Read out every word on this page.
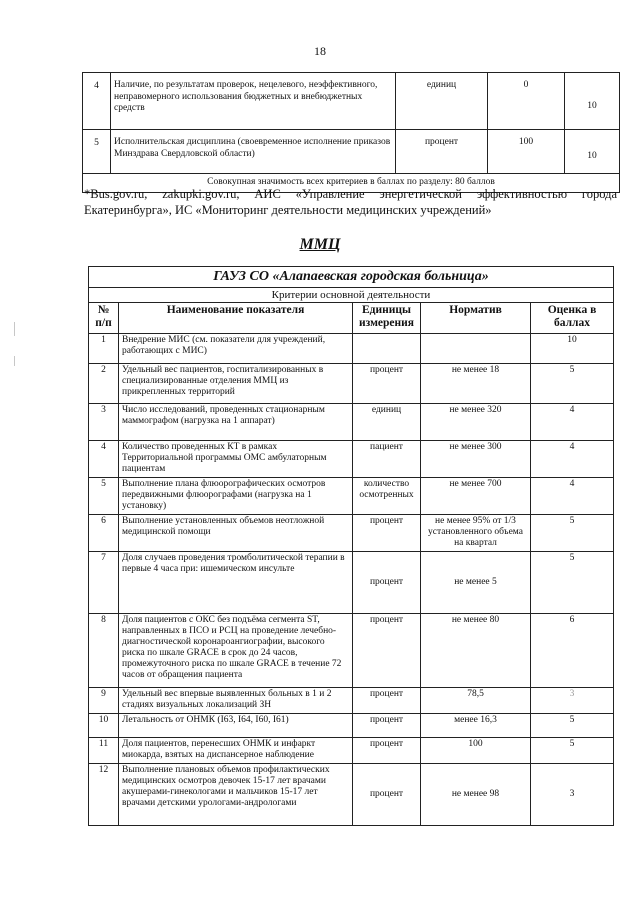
18
4	Наличие, по результатам проверок, нецелевого, неэффективного, неправомерного использования бюджетных и внебюджетных средств	единиц	0	10
5	Исполнительская дисциплина (своевременное исполнение приказов Минздрава Свердловской области)	процент	100	10
Совокупная значимость всех критериев в баллах по разделу: 80 баллов				
*Bus.gov.ru, zakupki.gov.ru, АИС «Управление энергетической эффективностью города
Екатеринбурга», ИС «Мониторинг деятельности медицинских учреждений»
ММЦ
ГАУЗ СО «Алапаевская городская больница»				
Критерии основной деятельности				
№ п/п	Наименование показателя	Единицы измерения	Норматив	Оценка в баллах
1	Внедрение МИС (см. показатели для учреждений, работающих с МИС)			10
2	Удельный вес пациентов, госпитализированных в специализированные отделения ММЦ из прикрепленных территорий	процент	не менее 18	5
3	Число исследований, проведенных стационарным маммографом (нагрузка на 1 аппарат)	единиц	не менее 320	4
4	Количество проведенных КТ в рамках Территориальной программы ОМС амбулаторным пациентам	пациент	не менее 300	4
5	Выполнение плана флюорографических осмотров передвижными флюорографами (нагрузка на 1 установку)	количество осмотренных	не менее 700	4
6	Выполнение установленных объемов неотложной медицинской помощи	процент	не менее 95% от 1/3 установленного объема на квартал	5
7	Доля случаев проведения тромболитической терапии в первые 4 часа при: ишемическом инсульте	процент	не менее 5	5
8	Доля пациентов с ОКС без подъёма сегмента ST, направленных в ПСО и РСЦ на проведение лечебно-диагностической коронароангиографии, высокого риска по шкале GRACE в срок до 24 часов, промежуточного риска по шкале GRACE в течение 72 часов от обращения пациента	процент	не менее 80	6
9	Удельный вес впервые выявленных больных в 1 и 2 стадиях визуальных локализаций ЗН	процент	78,5	3
10	Летальность от ОНМК (I63, I64, I60, I61)	процент	менее 16,3	5
11	Доля пациентов, перенесших ОНМК и инфаркт миокарда, взятых на диспансерное наблюдение	процент	100	5
12	Выполнение плановых объемов профилактических медицинских осмотров девочек 15-17 лет врачами акушерами-гинекологами и мальчиков 15-17 лет врачами детскими урологами-андрологами	процент	не менее 98	3
